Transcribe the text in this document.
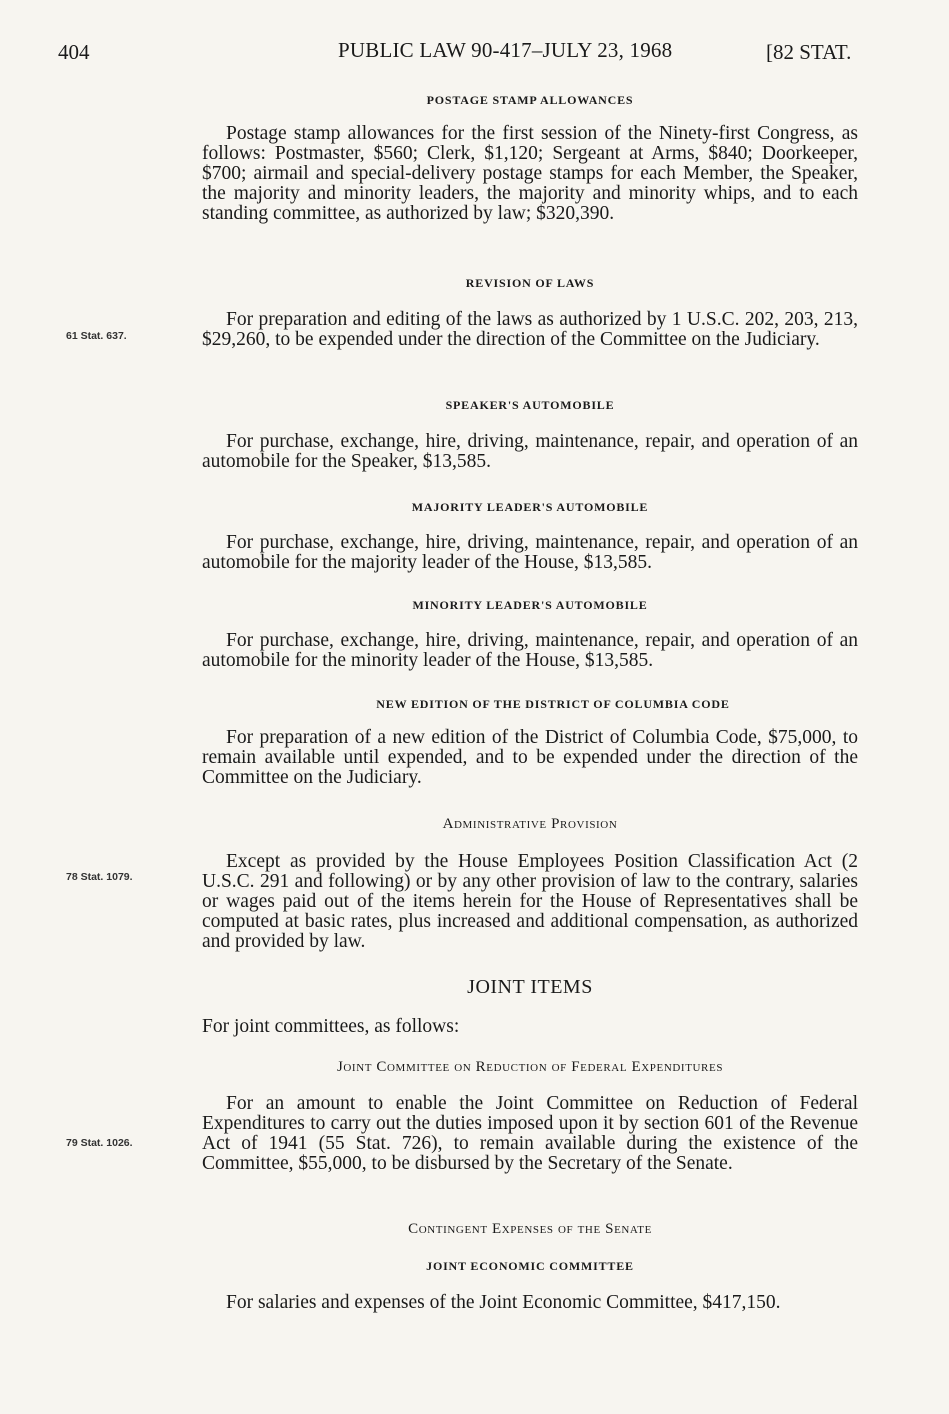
404	PUBLIC LAW 90-417–JULY 23, 1968	[82 STAT.
POSTAGE STAMP ALLOWANCES

Postage stamp allowances for the first session of the Ninety-first Congress, as follows: Postmaster, $560; Clerk, $1,120; Sergeant at Arms, $840; Doorkeeper, $700; airmail and special-delivery postage stamps for each Member, the Speaker, the majority and minority leaders, the majority and minority whips, and to each standing committee, as authorized by law; $320,390.

REVISION OF LAWS
61 Stat. 637.

For preparation and editing of the laws as authorized by 1 U.S.C. 202, 203, 213, $29,260, to be expended under the direction of the Committee on the Judiciary.

SPEAKER'S AUTOMOBILE

For purchase, exchange, hire, driving, maintenance, repair, and operation of an automobile for the Speaker, $13,585.

MAJORITY LEADER'S AUTOMOBILE

For purchase, exchange, hire, driving, maintenance, repair, and operation of an automobile for the majority leader of the House, $13,585.

MINORITY LEADER'S AUTOMOBILE

For purchase, exchange, hire, driving, maintenance, repair, and operation of an automobile for the minority leader of the House, $13,585.

NEW EDITION OF THE DISTRICT OF COLUMBIA CODE

For preparation of a new edition of the District of Columbia Code, $75,000, to remain available until expended, and to be expended under the direction of the Committee on the Judiciary.

Administrative Provision
78 Stat. 1079.

Except as provided by the House Employees Position Classification Act (2 U.S.C. 291 and following) or by any other provision of law to the contrary, salaries or wages paid out of the items herein for the House of Representatives shall be computed at basic rates, plus increased and additional compensation, as authorized and provided by law.

JOINT ITEMS

For joint committees, as follows:

Joint Committee on Reduction of Federal Expenditures
79 Stat. 1026.

For an amount to enable the Joint Committee on Reduction of Federal Expenditures to carry out the duties imposed upon it by section 601 of the Revenue Act of 1941 (55 Stat. 726), to remain available during the existence of the Committee, $55,000, to be disbursed by the Secretary of the Senate.

Contingent Expenses of the Senate
JOINT ECONOMIC COMMITTEE

For salaries and expenses of the Joint Economic Committee, $417,150.
